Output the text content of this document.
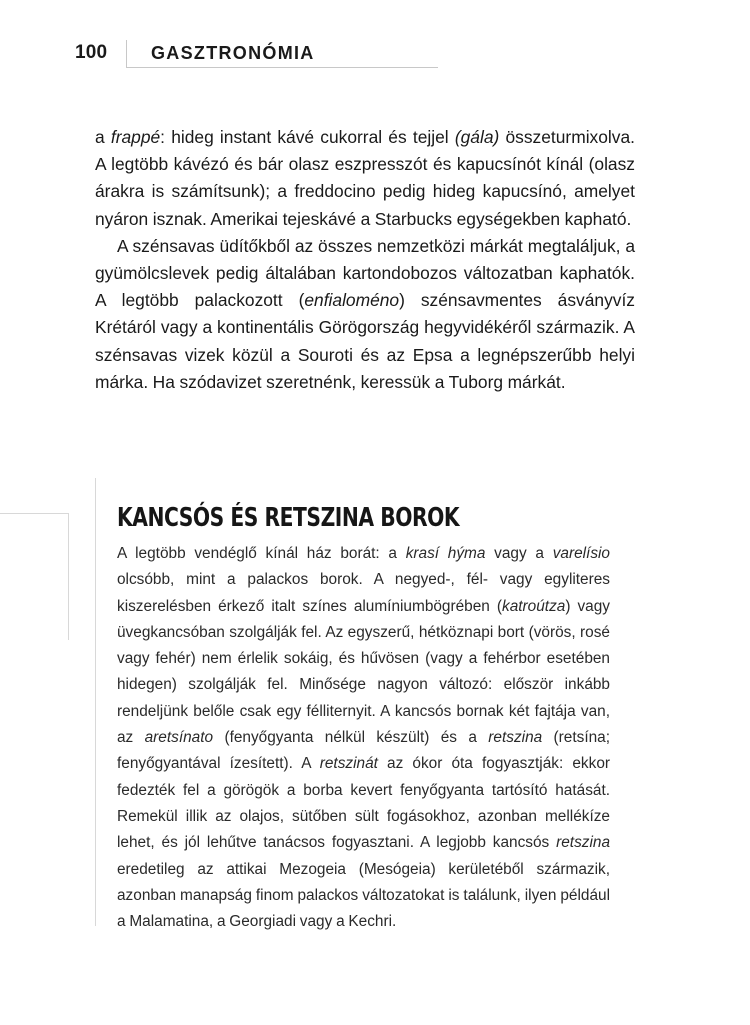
100 GASZTRONÓMIA

a frappé: hideg instant kávé cukorral és tejjel (gála) összeturmixolva. A legtöbb kávézó és bár olasz eszpresszót és kapucsínót kínál (olasz árakra is számítsunk); a freddocino pedig hideg kapucsínó, amelyet nyáron isznak. Amerikai tejeskávé a Starbucks egységekben kapható.

A szénsavas üdítőkből az összes nemzetközi márkát megtaláljuk, a gyümölcslevek pedig általában kartondobozos változatban kaphatók. A legtöbb palackozott (enfialoméno) szénsavmentes ásványvíz Krétáról vagy a kontinentális Görögország hegyvidékéről származik. A szénsavas vizek közül a Souroti és az Epsa a legnépszerűbb helyi márka. Ha szódavizet szeretnénk, keressük a Tuborg márkát.

KANCSÓS ÉS RETSZINA BOROK

A legtöbb vendéglő kínál ház borát: a krasí hýma vagy a varelísio olcsóbb, mint a palackos borok. A negyed-, fél- vagy egyliteres kiszerelésben érkező italt színes alumíniumbögrében (katroútza) vagy üvegkancsóban szolgálják fel. Az egyszerű, hétköznapi bort (vörös, rosé vagy fehér) nem érlelik sokáig, és hűvösen (vagy a fehérbor esetében hidegen) szolgálják fel. Minősége nagyon változó: először inkább rendeljünk belőle csak egy félliternyit. A kancsós bornak két fajtája van, az aretsínato (fenyőgyanta nélkül készült) és a retszina (retsína; fenyőgyantával ízesített). A retszinát az ókor óta fogyasztják: ekkor fedezték fel a görögök a borba kevert fenyőgyanta tartósító hatását. Remekül illik az olajos, sütőben sült fogásokhoz, azonban mellékíze lehet, és jól lehűtve tanácsos fogyasztani. A legjobb kancsós retszina eredetileg az attikai Mezogeia (Mesógeia) kerületéből származik, azonban manapság finom palackos változatokat is találunk, ilyen például a Malamatina, a Georgiadi vagy a Kechri.
